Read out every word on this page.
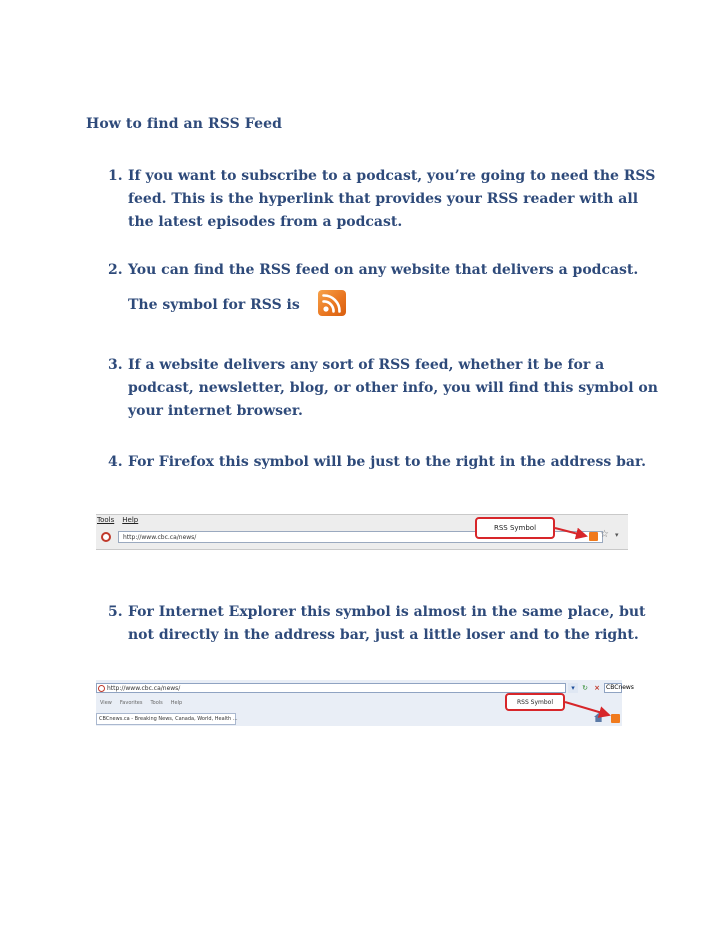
How to find an RSS Feed
1. If you want to subscribe to a podcast, you’re going to need the RSS feed. This is the hyperlink that provides your RSS reader with all the latest episodes from a podcast.
2. You can find the RSS feed on any website that delivers a podcast.
The symbol for RSS is
3. If a website delivers any sort of RSS feed, whether it be for a podcast, newsletter, blog, or other info, you will find this symbol on your internet browser.
4. For Firefox this symbol will be just to the right in the address bar.
Tools Help
http://www.cbc.ca/news/	☆ ▾
RSS Symbol
5. For Internet Explorer this symbol is almost in the same place, but not directly in the address bar, just a little loser and to the right.
http://www.cbc.ca/news/	▾	↻ ×	CBCnews
View Favorites Tools Help
CBCnews.ca - Breaking News, Canada, World, Health ...
RSS Symbol
